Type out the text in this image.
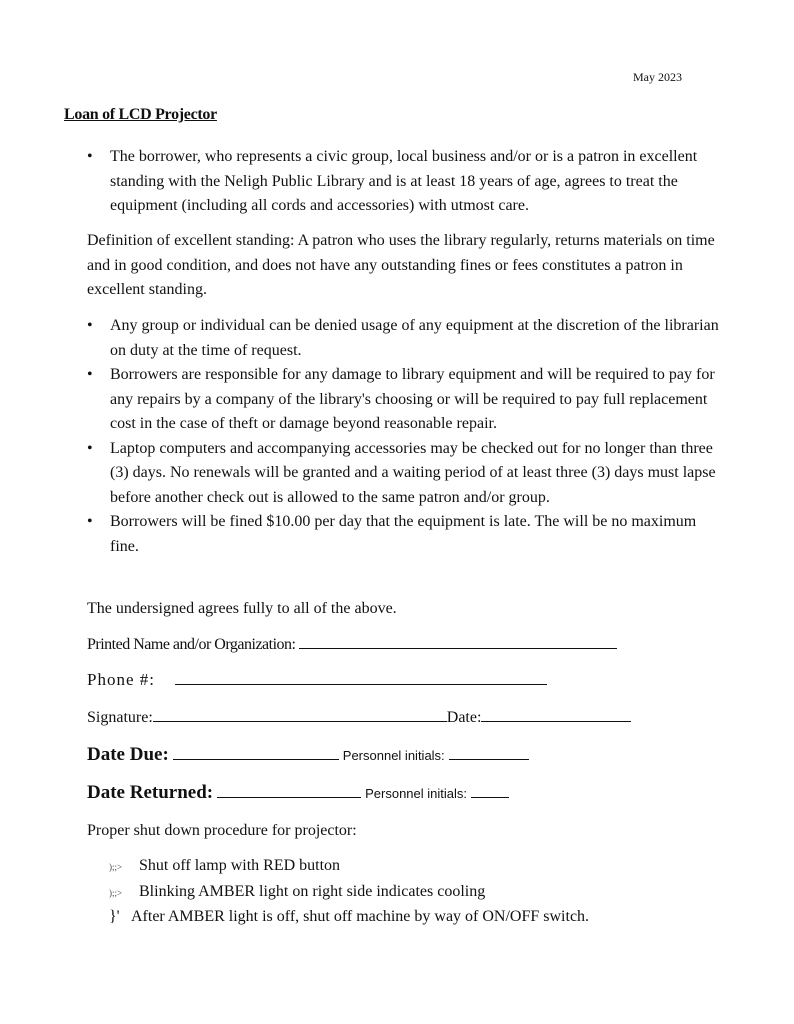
May 2023
Loan of LCD Projector
• The borrower, who represents a civic group, local business and/or or is a patron in excellent standing with the Neligh Public Library and is at least 18 years of age, agrees to treat the equipment (including all cords and accessories) with utmost care.
Definition of excellent standing: A patron who uses the library regularly, returns materials on time and in good condition, and does not have any outstanding fines or fees constitutes a patron in excellent standing.
• Any group or individual can be denied usage of any equipment at the discretion of the librarian on duty at the time of request.
• Borrowers are responsible for any damage to library equipment and will be required to pay for any repairs by a company of the library's choosing or will be required to pay full replacement cost in the case of theft or damage beyond reasonable repair.
• Laptop computers and accompanying accessories may be checked out for no longer than three (3) days. No renewals will be granted and a waiting period of at least three (3) days must lapse before another check out is allowed to the same patron and/or group.
• Borrowers will be fined $10.00 per day that the equipment is late. The will be no maximum fine.
The undersigned agrees fully to all of the above.
Printed Name and/or Organization:
Phone #:
Signature:	Date:
Date Due:	Personnel initials:
Date Returned:	Personnel initials:
Proper shut down procedure for projector:
);;> Shut off lamp with RED button
);;> Blinking AMBER light on right side indicates cooling
}' After AMBER light is off, shut off machine by way of ON/OFF switch.
